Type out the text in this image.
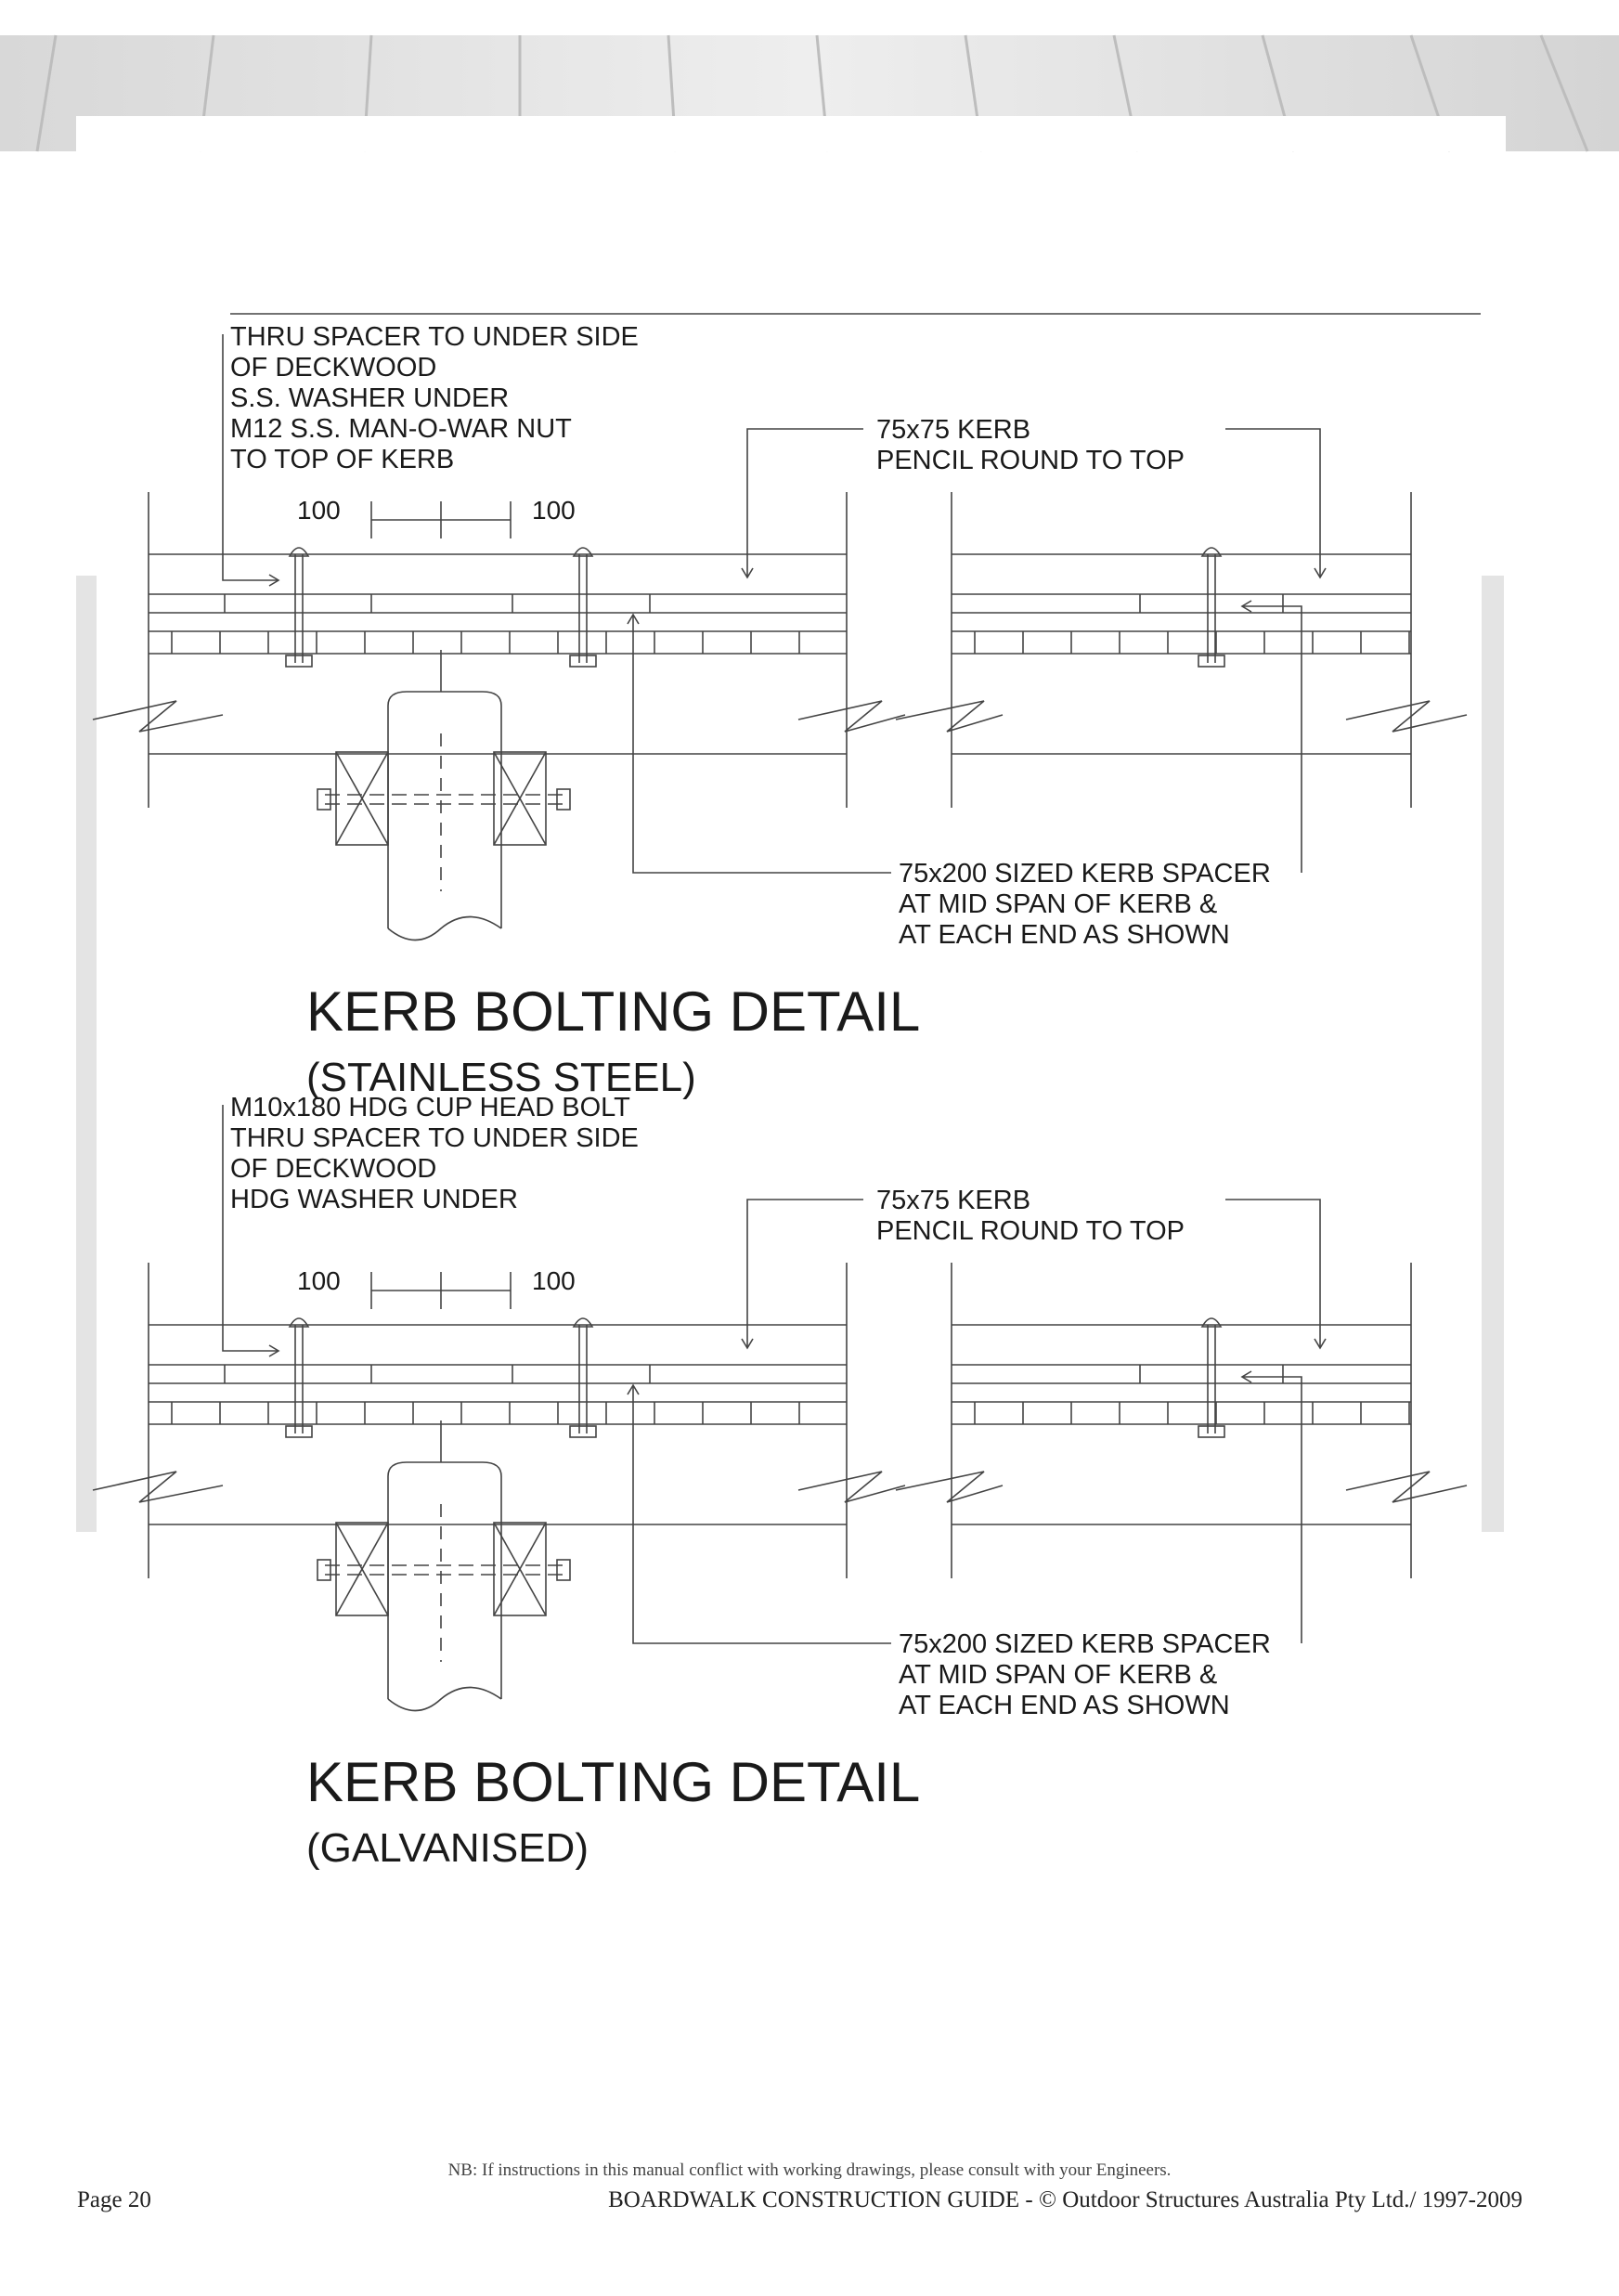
THRU SPACER TO UNDER SIDE
OF DECKWOOD
S.S. WASHER UNDER
M12 S.S. MAN-O-WAR NUT
TO TOP OF KERB
75x75 KERB
PENCIL ROUND TO TOP
75x200 SIZED KERB SPACER
AT MID SPAN OF KERB &
AT EACH END AS SHOWN
100	100
KERB BOLTING DETAIL
(STAINLESS STEEL)
M10x180 HDG CUP HEAD BOLT
THRU SPACER TO UNDER SIDE
OF DECKWOOD
HDG WASHER UNDER	75x75 KERB
PENCIL ROUND TO TOP
75x200 SIZED KERB SPACER
AT MID SPAN OF KERB &
AT EACH END AS SHOWN
100	100
KERB BOLTING DETAIL
(GALVANISED)
NB: If instructions in this manual conflict with working drawings, please consult with your Engineers.
Page 20	BOARDWALK CONSTRUCTION GUIDE - © Outdoor Structures Australia Pty Ltd./ 1997-2009
